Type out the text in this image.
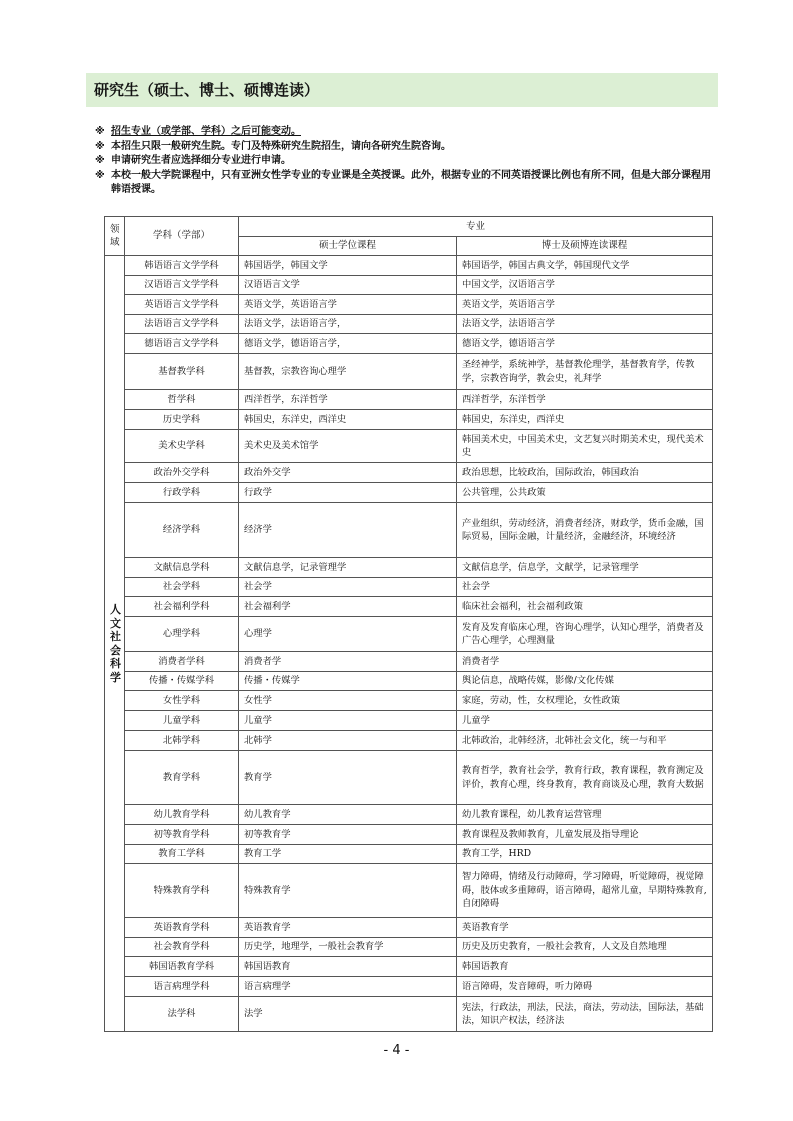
研究生（硕士、博士、硕博连读）
※ 招生专业（或学部、学科）之后可能变动。
※ 本招生只限一般研究生院。专门及特殊研究生院招生，请向各研究生院咨询。
※ 申请研究生者应选择细分专业进行申请。
※ 本校一般大学院课程中，只有亚洲女性学专业的专业课是全英授课。此外，根据专业的不同英语授课比例也有所不同，但是大部分课程用韩语授课。
领域	学科（学部）	专业	
		硕士学位课程	博士及硕博连读课程
人文社会科学	韩语语言文学学科	韩国语学，韩国文学	韩国语学，韩国古典文学，韩国现代文学
	汉语语言文学学科	汉语语言文学	中国文学，汉语语言学
	英语语言文学学科	英语文学，英语语言学	英语文学，英语语言学
	法语语言文学学科	法语文学，法语语言学，	法语文学，法语语言学
	德语语言文学学科	德语文学，德语语言学，	德语文学，德语语言学
	基督教学科	基督教，宗教咨询心理学	圣经神学，系统神学，基督教伦理学，基督教育学，传教学，宗教咨询学，教会史，礼拜学
	哲学科	西洋哲学，东洋哲学	西洋哲学，东洋哲学
	历史学科	韩国史，东洋史，西洋史	韩国史，东洋史，西洋史
	美术史学科	美术史及美术馆学	韩国美术史，中国美术史，文艺复兴时期美术史，现代美术史
	政治外交学科	政治外交学	政治思想，比较政治，国际政治，韩国政治
	行政学科	行政学	公共管理，公共政策
	经济学科	经济学	产业组织，劳动经济，消费者经济，财政学，货币金融，国际贸易，国际金融，计量经济，金融经济，环境经济
	文献信息学科	文献信息学，记录管理学	文献信息学，信息学，文献学，记录管理学
	社会学科	社会学	社会学
	社会福利学科	社会福利学	临床社会福利，社会福利政策
	心理学科	心理学	发育及发育临床心理，咨询心理学，认知心理学，消费者及广告心理学，心理测量
	消费者学科	消费者学	消费者学
	传播・传媒学科	传播・传媒学	舆论信息，战略传媒，影像/文化传媒
	女性学科	女性学	家庭，劳动，性，女权理论，女性政策
	儿童学科	儿童学	儿童学
	北韩学科	北韩学	北韩政治，北韩经济，北韩社会文化，统一与和平
	教育学科	教育学	教育哲学，教育社会学，教育行政，教育课程，教育测定及评价，教育心理，终身教育，教育商谈及心理，教育大数据
	幼儿教育学科	幼儿教育学	幼儿教育课程，幼儿教育运营管理
	初等教育学科	初等教育学	教育课程及教师教育，儿童发展及指导理论
	教育工学科	教育工学	教育工学，HRD
	特殊教育学科	特殊教育学	智力障碍，情绪及行动障碍，学习障碍，听觉障碍，视觉障碍，肢体或多重障碍，语言障碍，超常儿童，早期特殊教育,自闭障碍
	英语教育学科	英语教育学	英语教育学
	社会教育学科	历史学，地理学，一般社会教育学	历史及历史教育，一般社会教育，人文及自然地理
	韩国语教育学科	韩国语教育	韩国语教育
	语言病理学科	语言病理学	语言障碍，发音障碍，听力障碍
	法学科	法学	宪法，行政法，刑法，民法，商法，劳动法，国际法，基础法，知识产权法，经济法
- 4 -
